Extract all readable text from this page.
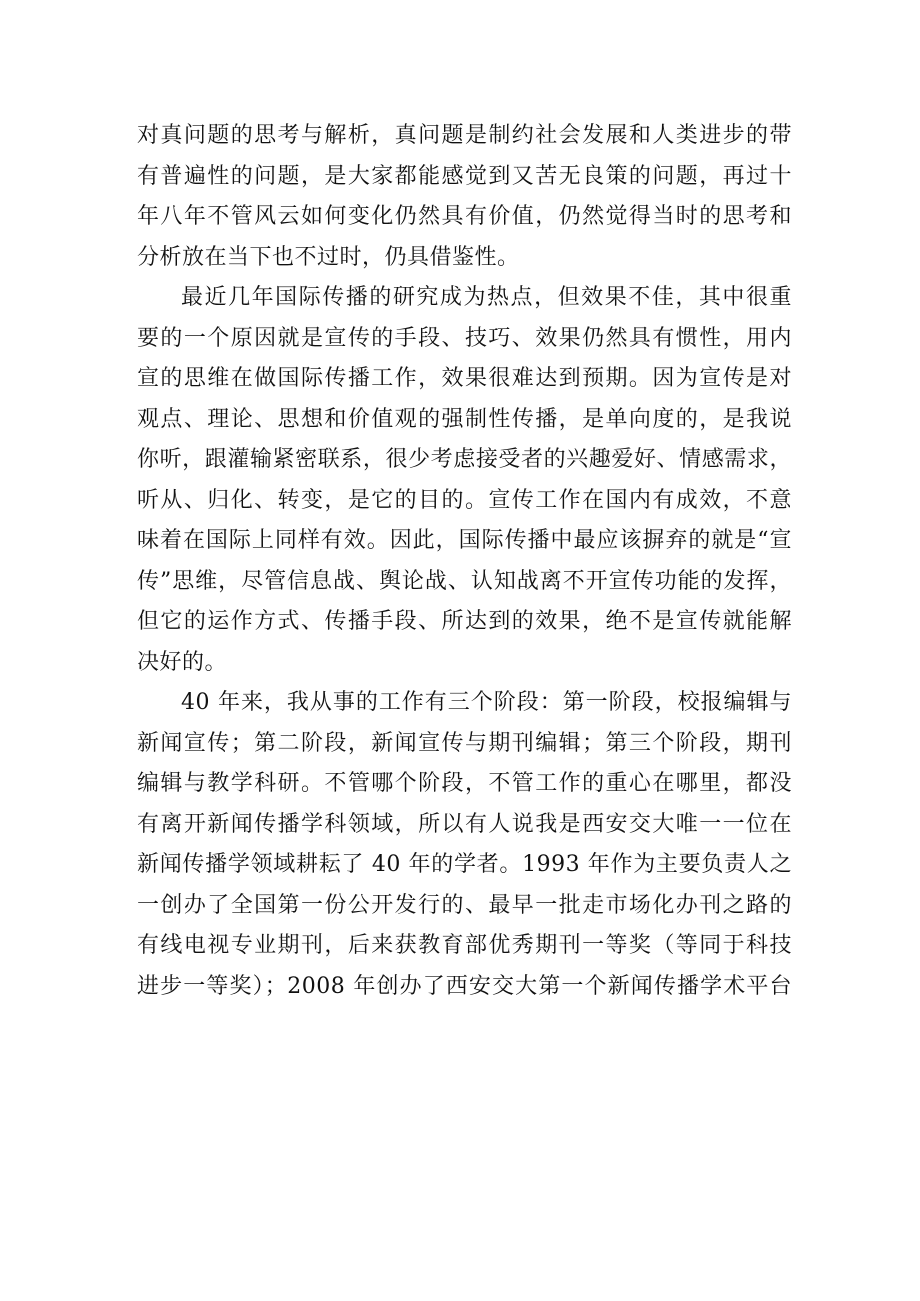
对真问题的思考与解析，真问题是制约社会发展和人类进步的带
有普遍性的问题，是大家都能感觉到又苦无良策的问题，再过十
年八年不管风云如何变化仍然具有价值，仍然觉得当时的思考和
分析放在当下也不过时，仍具借鉴性。
最近几年国际传播的研究成为热点，但效果不佳，其中很重
要的一个原因就是宣传的手段、技巧、效果仍然具有惯性，用内
宣的思维在做国际传播工作，效果很难达到预期。因为宣传是对
观点、理论、思想和价值观的强制性传播，是单向度的，是我说
你听，跟灌输紧密联系，很少考虑接受者的兴趣爱好、情感需求，
听从、归化、转变，是它的目的。宣传工作在国内有成效，不意
味着在国际上同样有效。因此，国际传播中最应该摒弃的就是“宣
传”思维，尽管信息战、舆论战、认知战离不开宣传功能的发挥，
但它的运作方式、传播手段、所达到的效果，绝不是宣传就能解
决好的。
40 年来，我从事的工作有三个阶段：第一阶段，校报编辑与
新闻宣传；第二阶段，新闻宣传与期刊编辑；第三个阶段，期刊
编辑与教学科研。不管哪个阶段，不管工作的重心在哪里，都没
有离开新闻传播学科领域，所以有人说我是西安交大唯一一位在
新闻传播学领域耕耘了 40 年的学者。1993 年作为主要负责人之
一创办了全国第一份公开发行的、最早一批走市场化办刊之路的
有线电视专业期刊，后来获教育部优秀期刊一等奖（等同于科技
进步一等奖）；2008 年创办了西安交大第一个新闻传播学术平台
